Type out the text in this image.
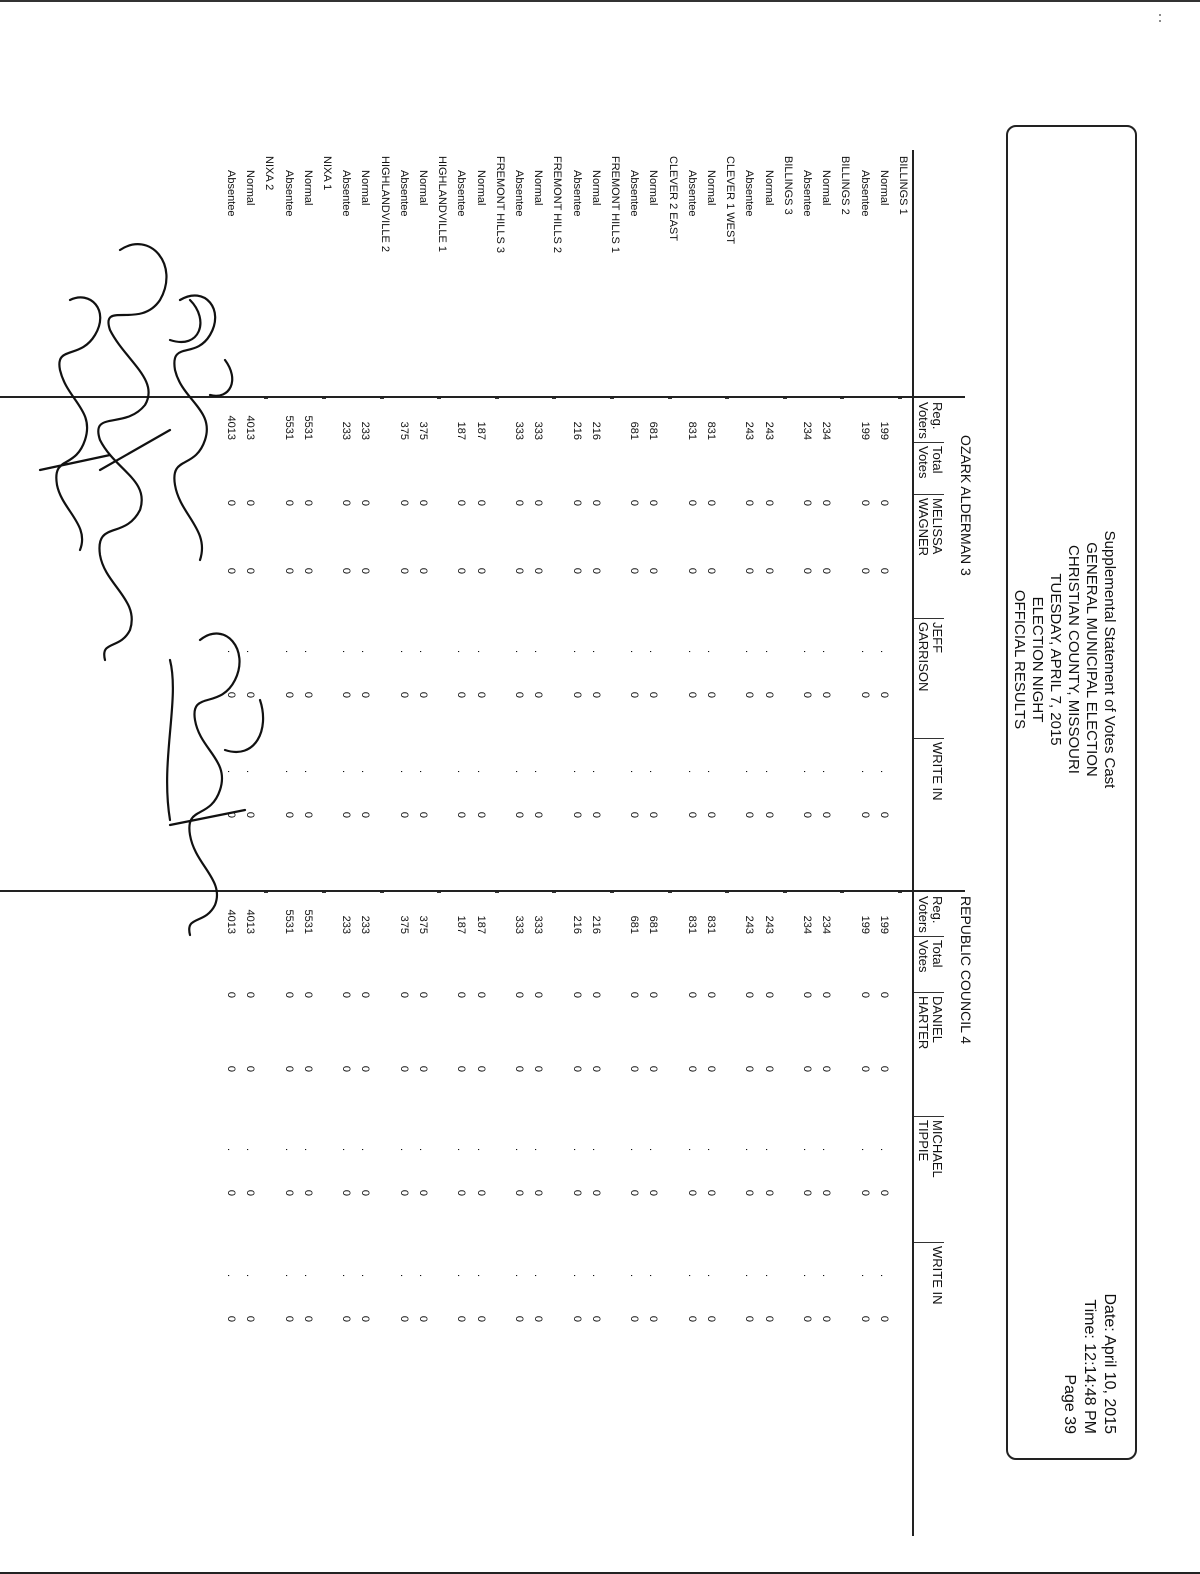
Supplemental Statement of Votes Cast
GENERAL MUNICIPAL ELECTION
CHRISTIAN COUNTY, MISSOURI
TUESDAY, APRIL 7, 2015
ELECTION NIGHT
OFFICIAL RESULTS
Date: April 10, 2015
Time: 12:14:48 PM
Page 39
OZARK ALDERMAN 3
REPUBLIC COUNCIL 4
Reg.
Voters
Total
Votes
MELISSA
WAGNER
JEFF
GARRISON
WRITE IN
Reg.
Voters
Total
Votes
DANIEL
HARTER
MICHAEL
TIPPIE
WRITE IN
BILLINGS 1
Normal
199
0
0
0
.
0
.
199
0
0
0
.
0
.
Absentee
199
0
0
0
.
0
.
199
0
0
0
.
0
.
BILLINGS 2
Normal
234
0
0
0
.
0
.
234
0
0
0
.
0
.
Absentee
234
0
0
0
.
0
.
234
0
0
0
.
0
.
BILLINGS 3
Normal
243
0
0
0
.
0
.
243
0
0
0
.
0
.
Absentee
243
0
0
0
.
0
.
243
0
0
0
.
0
.
CLEVER 1 WEST
Normal
831
0
0
0
.
0
.
831
0
0
0
.
0
.
Absentee
831
0
0
0
.
0
.
831
0
0
0
.
0
.
CLEVER 2 EAST
Normal
681
0
0
0
.
0
.
681
0
0
0
.
0
.
Absentee
681
0
0
0
.
0
.
681
0
0
0
.
0
.
FREMONT HILLS 1
Normal
216
0
0
0
.
0
.
216
0
0
0
.
0
.
Absentee
216
0
0
0
.
0
.
216
0
0
0
.
0
.
FREMONT HILLS 2
Normal
333
0
0
0
.
0
.
333
0
0
0
.
0
.
Absentee
333
0
0
0
.
0
.
333
0
0
0
.
0
.
FREMONT HILLS 3
Normal
187
0
0
0
.
0
.
187
0
0
0
.
0
.
Absentee
187
0
0
0
.
0
.
187
0
0
0
.
0
.
HIGHLANDVILLE 1
Normal
375
0
0
0
.
0
.
375
0
0
0
.
0
.
Absentee
375
0
0
0
.
0
.
375
0
0
0
.
0
.
HIGHLANDVILLE 2
Normal
233
0
0
0
.
0
.
233
0
0
0
.
0
.
Absentee
233
0
0
0
.
0
.
233
0
0
0
.
0
.
NIXA 1
Normal
5531
0
0
0
.
0
.
5531
0
0
0
.
0
.
Absentee
5531
0
0
0
.
0
.
5531
0
0
0
.
0
.
NIXA 2
Normal
4013
0
0
0
.
0
.
4013
0
0
0
.
0
.
Absentee
4013
0
0
0
.
0
.
4013
0
0
0
.
0
.
